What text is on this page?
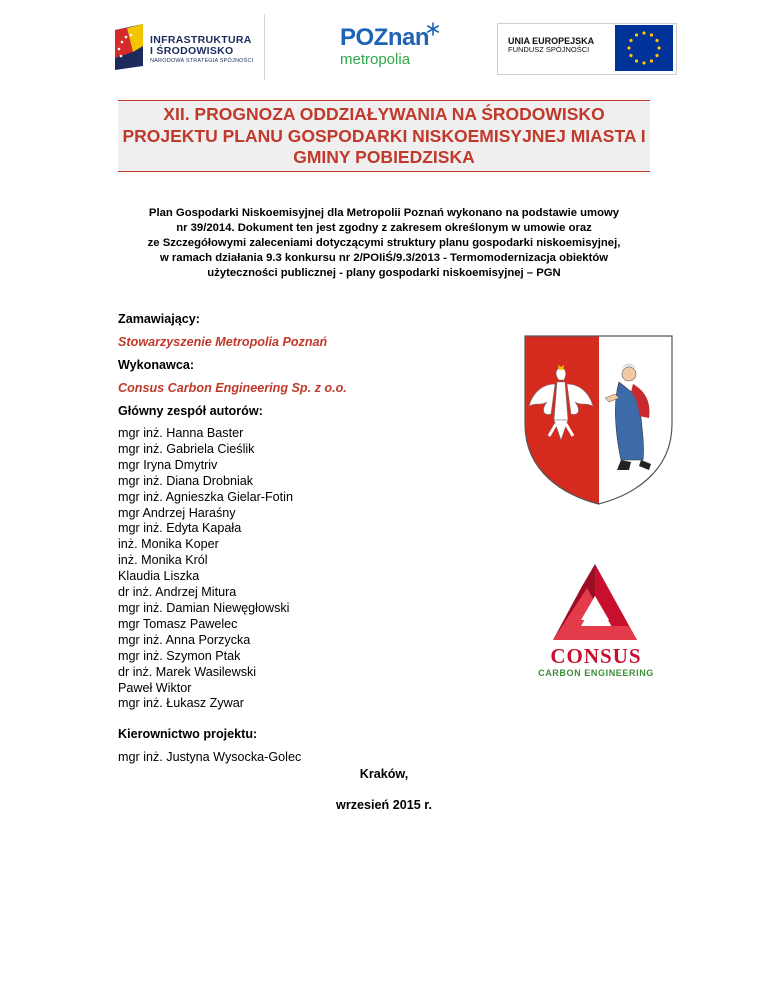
INFRASTRUKTURA
I ŚRODOWISKO
NARODOWA STRATEGIA SPÓJNOŚCI
POZnan
metropolia
UNIA EUROPEJSKA
FUNDUSZ SPÓJNOŚCI

XII. PROGNOZA ODDZIAŁYWANIA NA ŚRODOWISKO

PROJEKTU PLANU GOSPODARKI NISKOEMISYJNEJ MIASTA I

GMINY POBIEDZISKA

Plan Gospodarki Niskoemisyjnej dla Metropolii Poznań wykonano na podstawie umowy
nr 39/2014. Dokument ten jest zgodny z zakresem określonym w umowie oraz
ze Szczegółowymi zaleceniami dotyczącymi struktury planu gospodarki niskoemisyjnej,
w ramach działania 9.3 konkursu nr 2/POIiŚ/9.3/2013 - Termomodernizacja obiektów
użyteczności publicznej - plany gospodarki niskoemisyjnej – PGN

Zamawiający:

Stowarzyszenie Metropolia Poznań

Wykonawca:

Consus Carbon Engineering Sp. z o.o.

Główny zespół autorów:

mgr inż. Hanna Baster
mgr inż. Gabriela Cieślik
mgr Iryna Dmytriv
mgr inż. Diana Drobniak
mgr inż. Agnieszka Gielar-Fotin
mgr Andrzej Haraśny
mgr inż. Edyta Kapała
inż. Monika Koper
inż. Monika Król
Klaudia Liszka
dr inż. Andrzej Mitura
mgr inż. Damian Niewęgłowski
mgr Tomasz Pawelec
mgr inż. Anna Porzycka
mgr inż. Szymon Ptak
dr inż. Marek Wasilewski
Paweł Wiktor
mgr inż. Łukasz Zywar

Kierownictwo projektu:

mgr inż. Justyna Wysocka-Golec

Kraków,
wrzesień 2015 r.
CONSUS
CARBON ENGINEERING
